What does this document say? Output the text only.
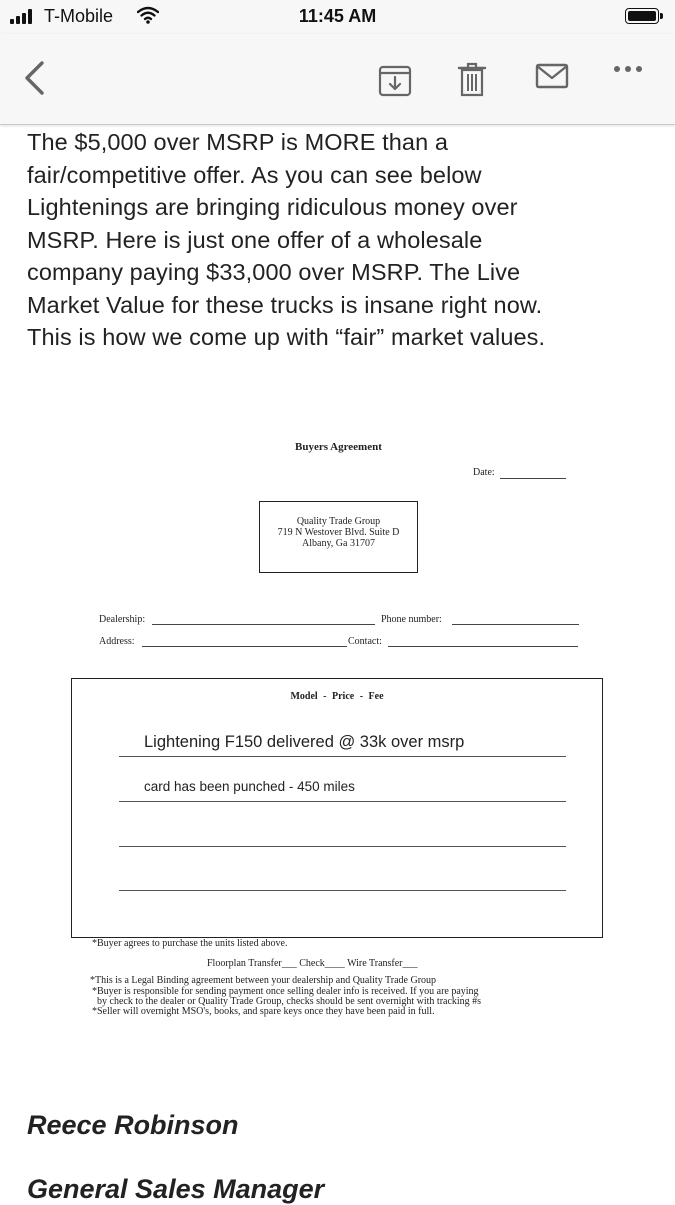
T-Mobile	11:45 AM
The $5,000 over MSRP is MORE than a
fair/competitive offer. As you can see below
Lightenings are bringing ridiculous money over
MSRP. Here is just one offer of a wholesale
company paying $33,000 over MSRP. The Live
Market Value for these trucks is insane right now.
This is how we come up with “fair” market values.
Buyers Agreement
Date:
Quality Trade Group
719 N Westover Blvd. Suite D
Albany, Ga 31707
Dealership:	Phone number:
Address:	Contact:
Model - Price - Fee
Lightening F150 delivered @ 33k over msrp
card has been punched - 450 miles
*Buyer agrees to purchase the units listed above.
Floorplan Transfer___ Check____ Wire Transfer___
*This is a Legal Binding agreement between your dealership and Quality Trade Group
*Buyer is responsible for sending payment once selling dealer info is received. If you are paying
by check to the dealer or Quality Trade Group, checks should be sent overnight with tracking #s
*Seller will overnight MSO's, books, and spare keys once they have been paid in full.
Reece Robinson
General Sales Manager
